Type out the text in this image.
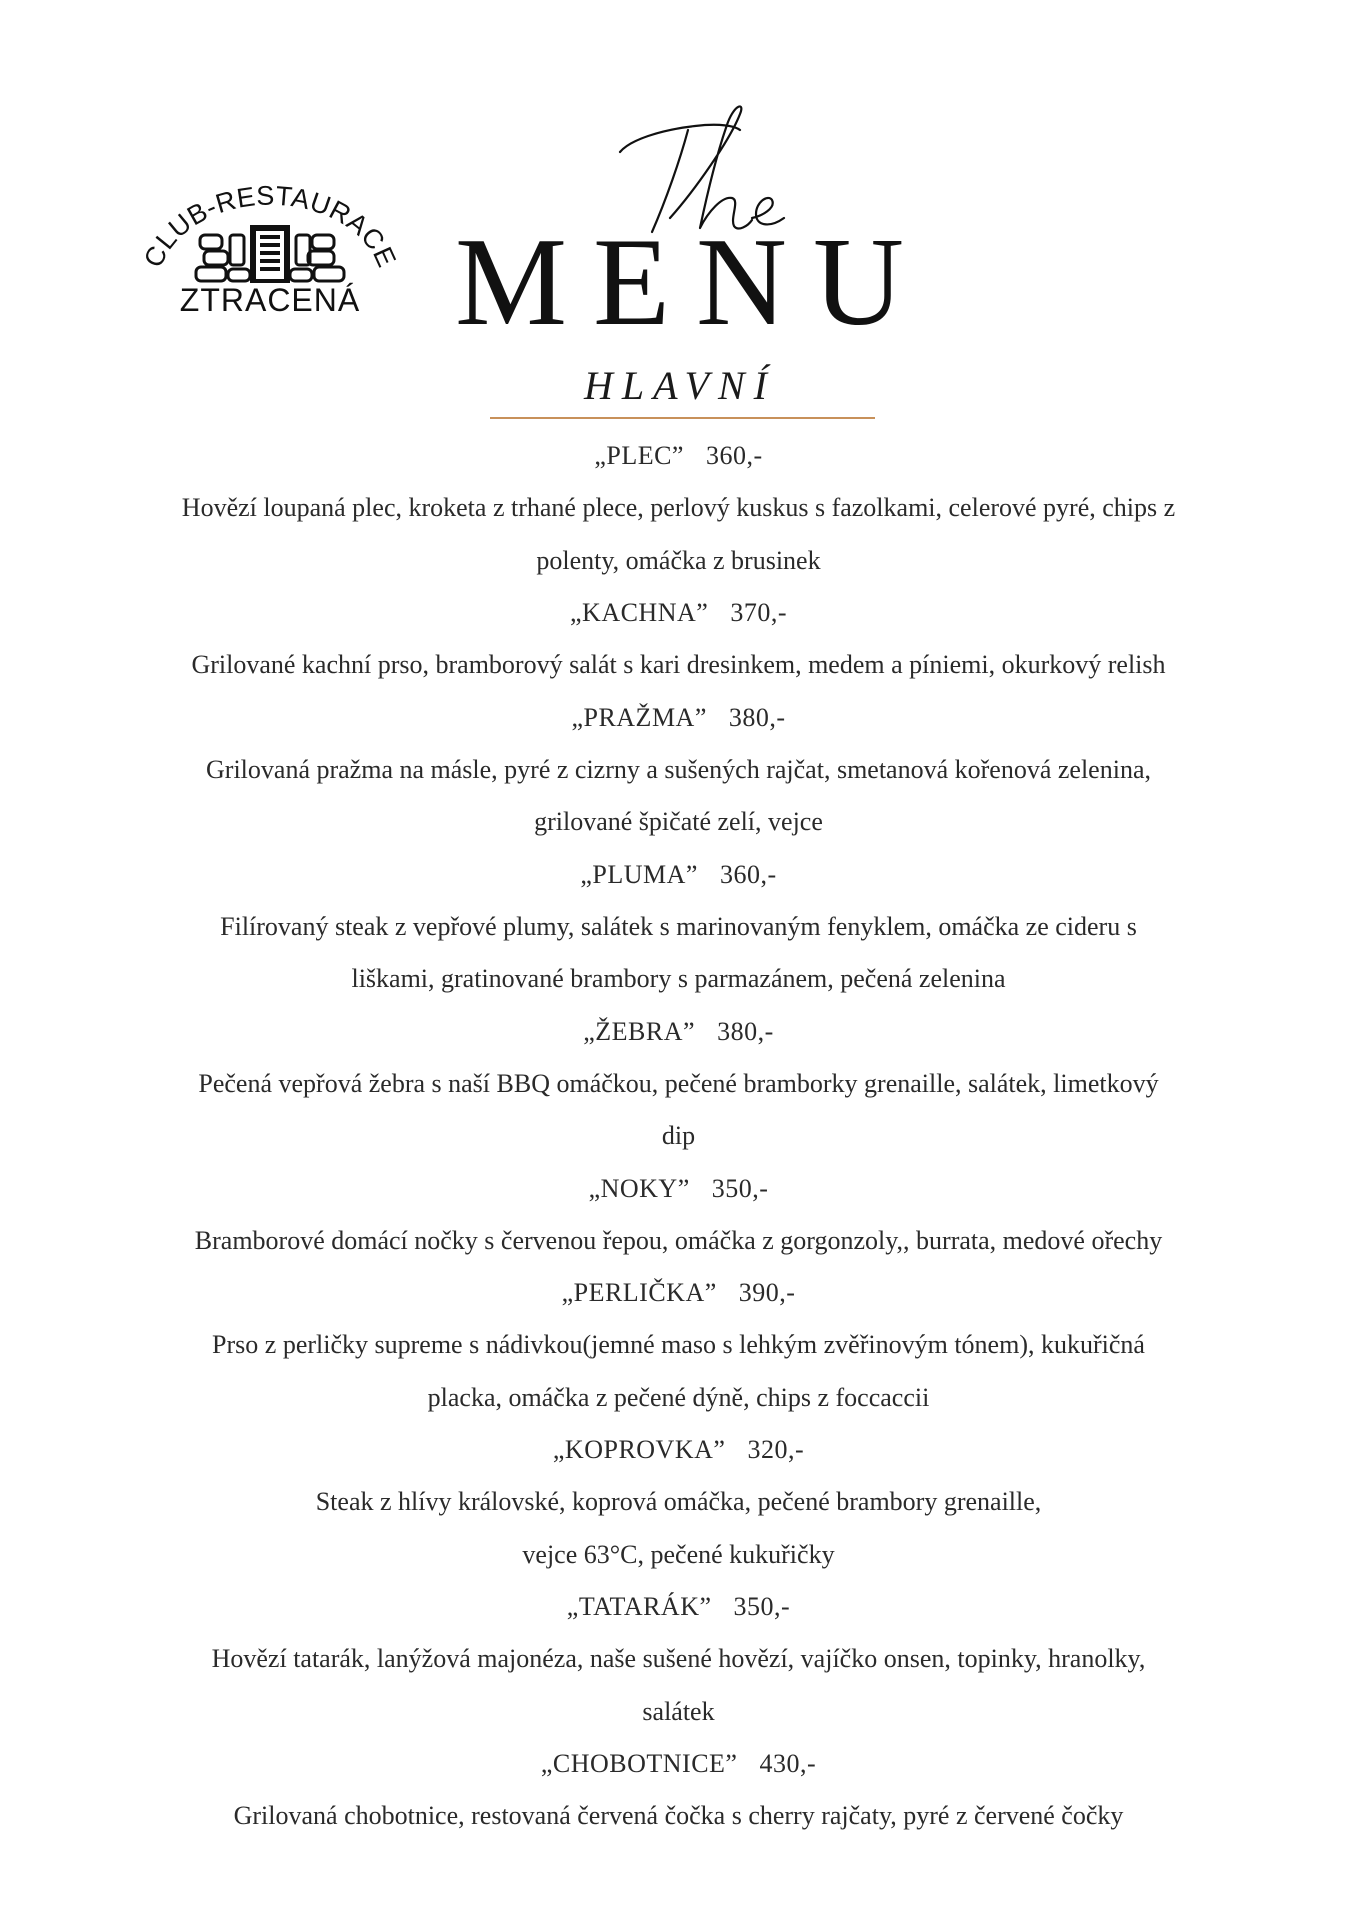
CLUB-RESTAURACE
ZTRACENÁ MENU
HLAVNÍ
„PLEC” 360,-
Hovězí loupaná plec, kroketa z trhané plece, perlový kuskus s fazolkami, celerové pyré, chips z
polenty, omáčka z brusinek
„KACHNA” 370,-
Grilované kachní prso, bramborový salát s kari dresinkem, medem a píniemi, okurkový relish
„PRAŽMA” 380,-
Grilovaná pražma na másle, pyré z cizrny a sušených rajčat, smetanová kořenová zelenina,
grilované špičaté zelí, vejce
„PLUMA” 360,-
Filírovaný steak z vepřové plumy, salátek s marinovaným fenyklem, omáčka ze cideru s
liškami, gratinované brambory s parmazánem, pečená zelenina
„ŽEBRA” 380,-
Pečená vepřová žebra s naší BBQ omáčkou, pečené bramborky grenaille, salátek, limetkový
dip
„NOKY” 350,-
Bramborové domácí nočky s červenou řepou, omáčka z gorgonzoly,, burrata, medové ořechy
„PERLIČKA” 390,-
Prso z perličky supreme s nádivkou(jemné maso s lehkým zvěřinovým tónem), kukuřičná
placka, omáčka z pečené dýně, chips z foccaccii
„KOPROVKA” 320,-
Steak z hlívy královské, koprová omáčka, pečené brambory grenaille,
vejce 63°C, pečené kukuřičky
„TATARÁK” 350,-
Hovězí tatarák, lanýžová majonéza, naše sušené hovězí, vajíčko onsen, topinky, hranolky,
salátek
„CHOBOTNICE” 430,-
Grilovaná chobotnice, restovaná červená čočka s cherry rajčaty, pyré z červené čočky
